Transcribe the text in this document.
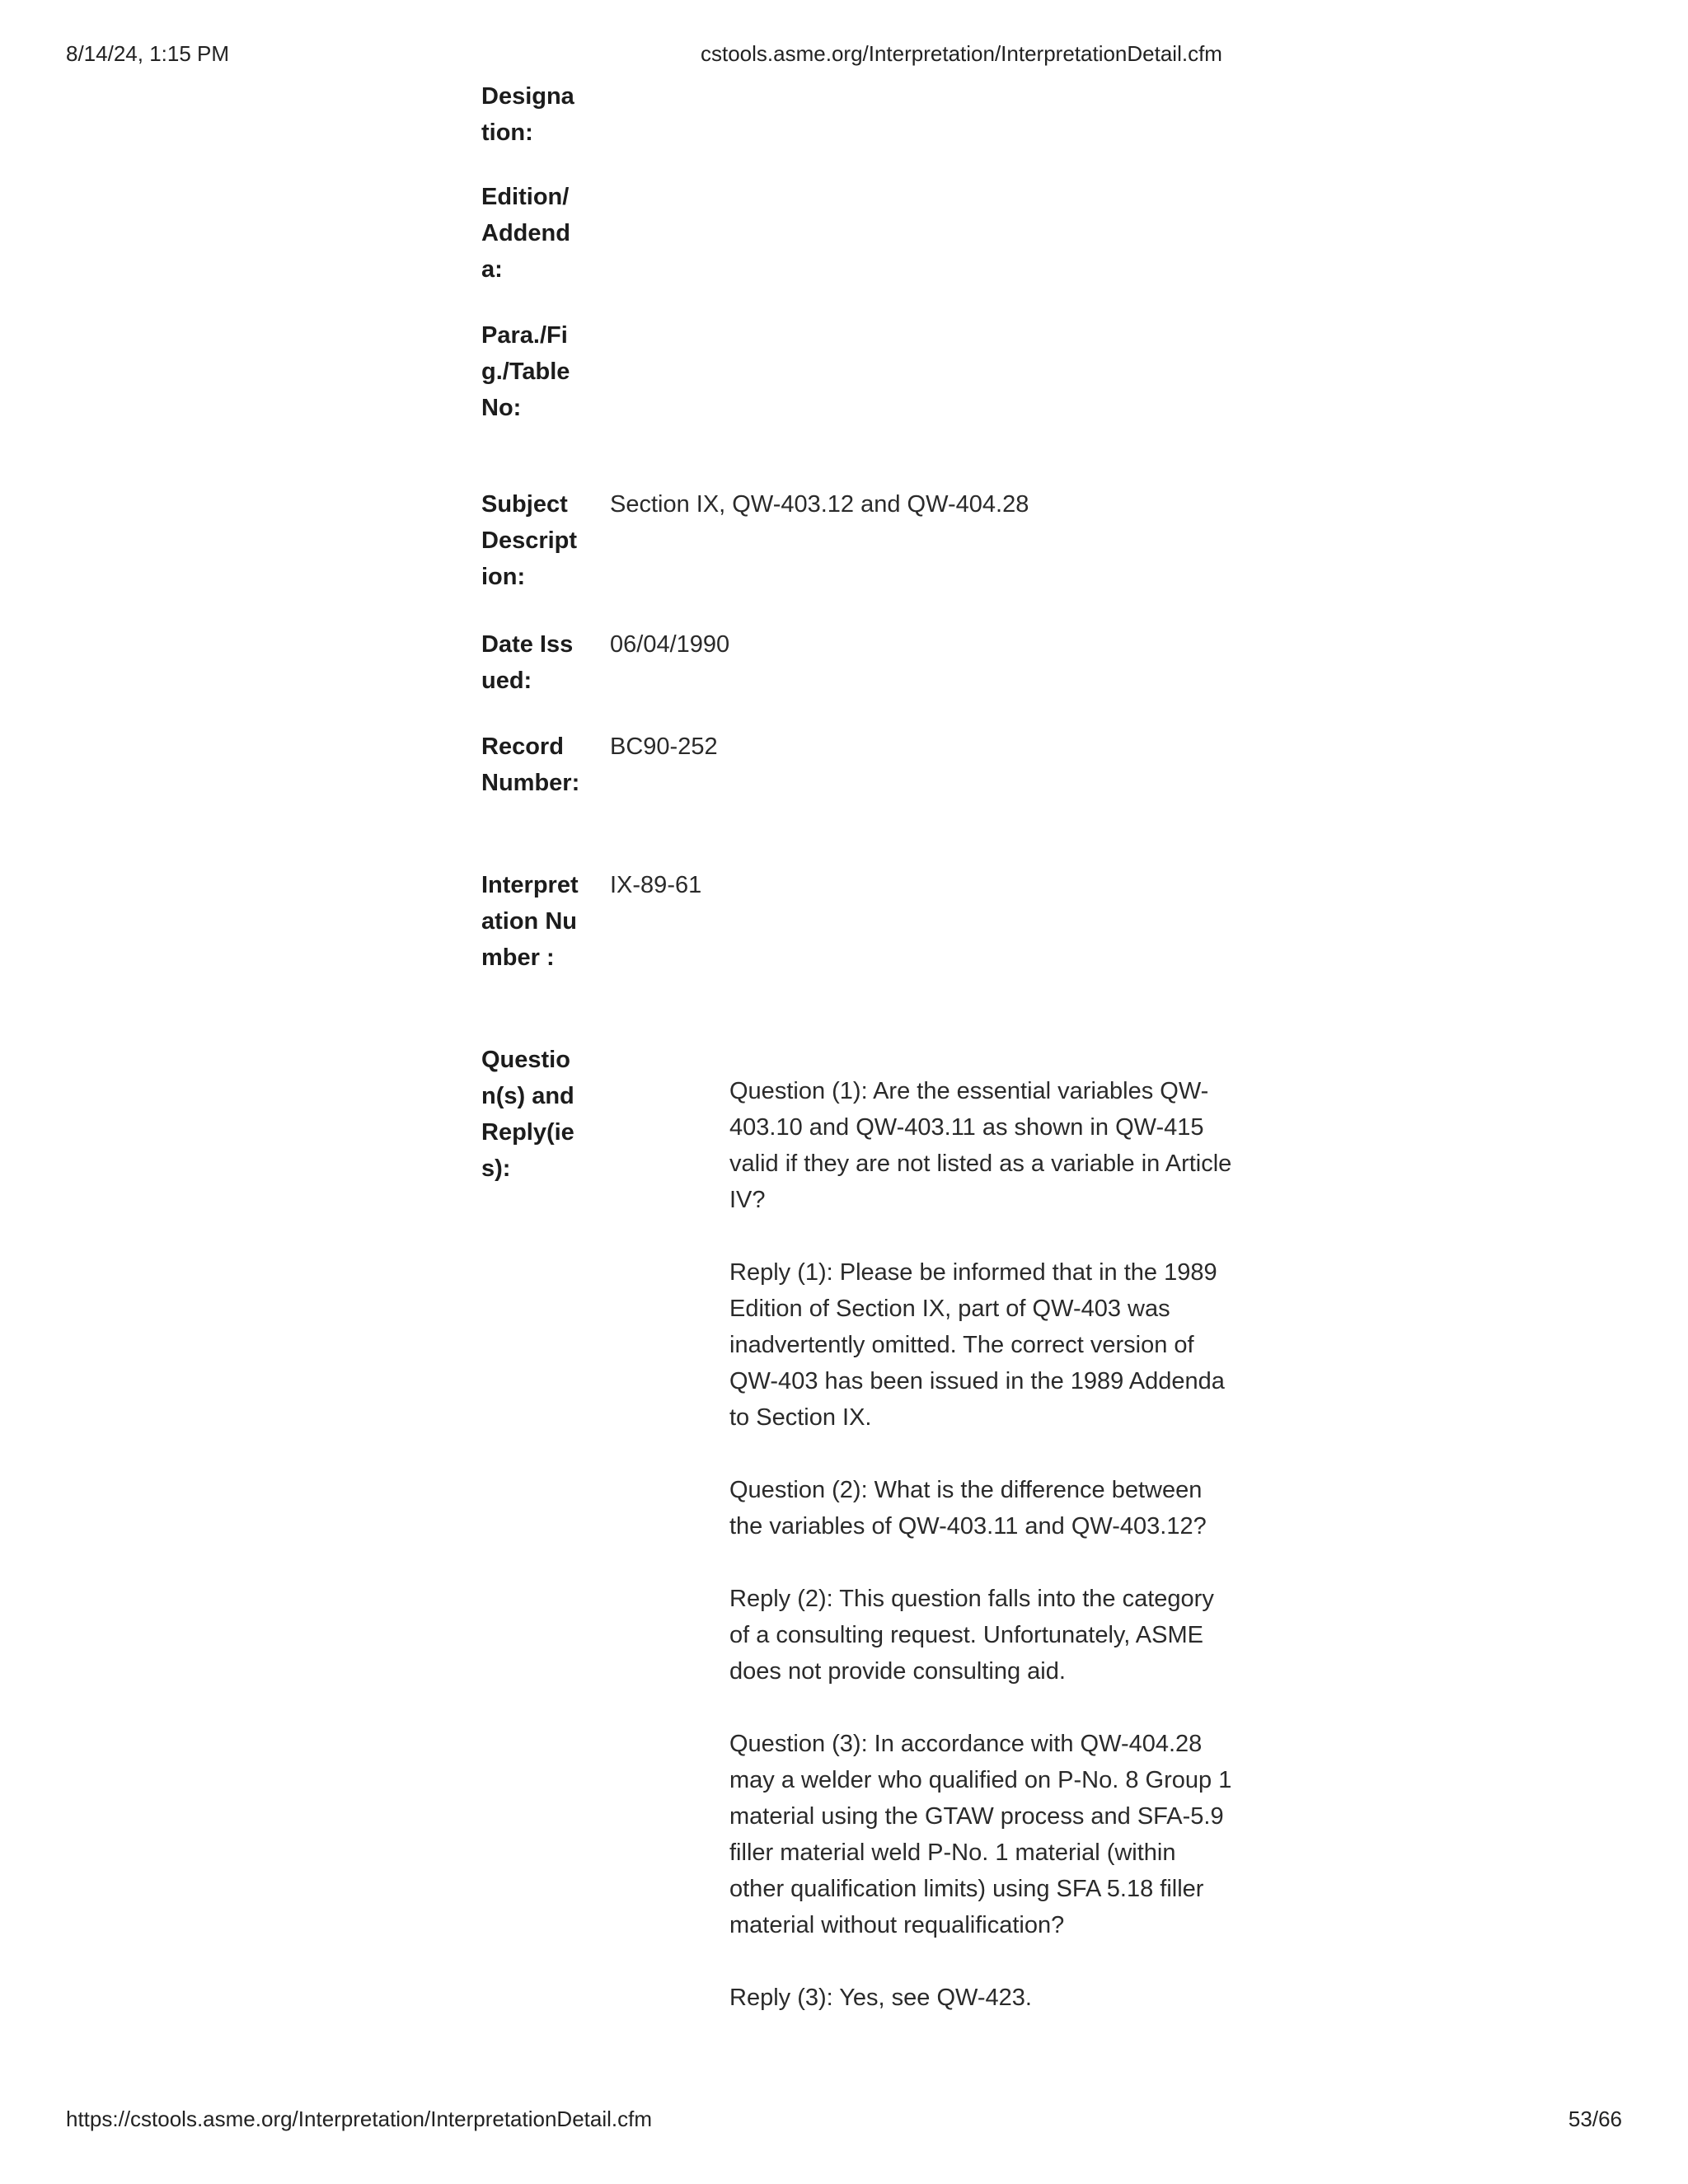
8/14/24, 1:15 PM	cstools.asme.org/Interpretation/InterpretationDetail.cfm
Designation:
Edition/Addenda:
Para./Fig./Table No:
Subject Description:
Section IX, QW-403.12 and QW-404.28
Date Issued:
06/04/1990
Record Number:
BC90-252
Interpretation Number :
IX-89-61
Question(s) and Reply(ies):

Question (1): Are the essential variables QW-403.10 and QW-403.11 as shown in QW-415 valid if they are not listed as a variable in Article IV?

Reply (1): Please be informed that in the 1989 Edition of Section IX, part of QW-403 was inadvertently omitted. The correct version of QW-403 has been issued in the 1989 Addenda to Section IX.

Question (2): What is the difference between the variables of QW-403.11 and QW-403.12?

Reply (2): This question falls into the category of a consulting request. Unfortunately, ASME does not provide consulting aid.

Question (3): In accordance with QW-404.28 may a welder who qualified on P-No. 8 Group 1 material using the GTAW process and SFA-5.9 filler material weld P-No. 1 material (within other qualification limits) using SFA 5.18 filler material without requalification?

Reply (3): Yes, see QW-423.

https://cstools.asme.org/Interpretation/InterpretationDetail.cfm	53/66
